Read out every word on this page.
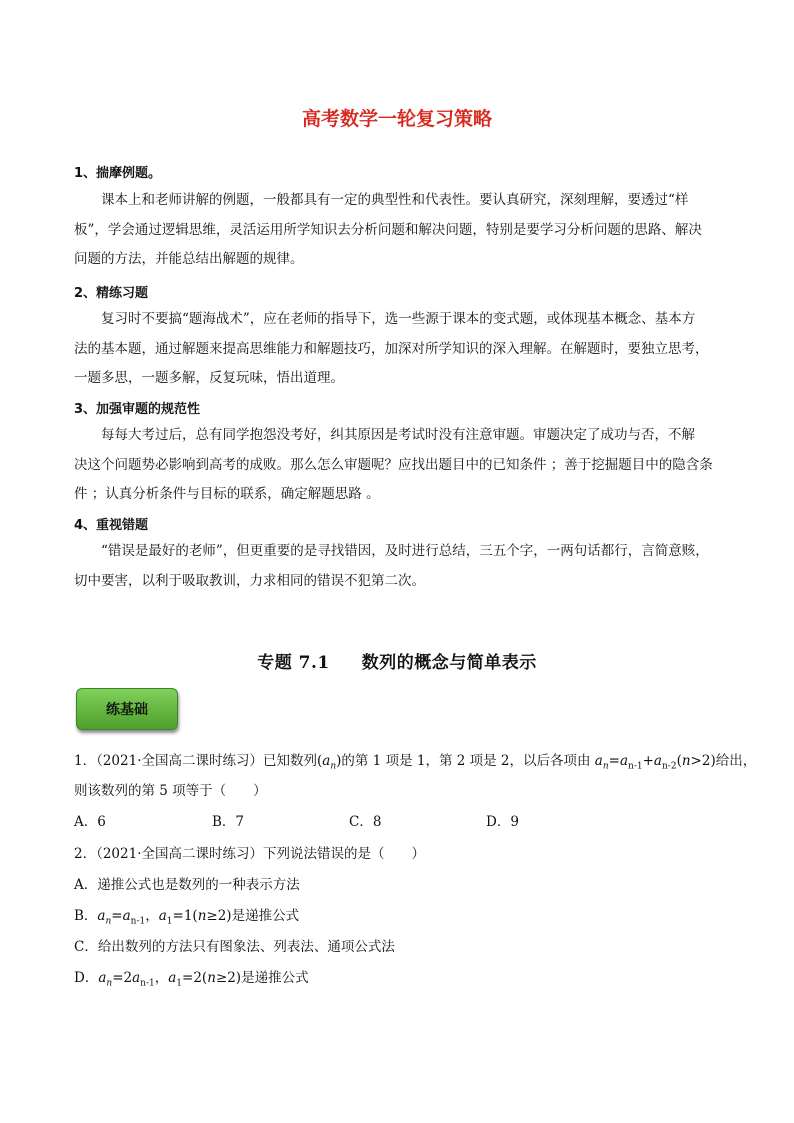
高考数学一轮复习策略
1、揣摩例题。
课本上和老师讲解的例题，一般都具有一定的典型性和代表性。要认真研究，深刻理解，要透过“样
板”，学会通过逻辑思维，灵活运用所学知识去分析问题和解决问题，特别是要学习分析问题的思路、解决
问题的方法，并能总结出解题的规律。
2、精练习题
复习时不要搞“题海战术”，应在老师的指导下，选一些源于课本的变式题，或体现基本概念、基本方
法的基本题，通过解题来提高思维能力和解题技巧，加深对所学知识的深入理解。在解题时，要独立思考，
一题多思，一题多解，反复玩味，悟出道理。
3、加强审题的规范性
每每大考过后，总有同学抱怨没考好，纠其原因是考试时没有注意审题。审题决定了成功与否，不解
决这个问题势必影响到高考的成败。那么怎么审题呢？应找出题目中的已知条件 ；善于挖掘题目中的隐含条
件 ；认真分析条件与目标的联系，确定解题思路 。
4、重视错题
“错误是最好的老师”，但更重要的是寻找错因，及时进行总结，三五个字，一两句话都行，言简意赅，
切中要害，以利于吸取教训，力求相同的错误不犯第二次。
专题 7.1 数列的概念与简单表示
练基础
1．（2021·全国高二课时练习）已知数列$(a_n)$的第 1 项是 1，第 2 项是 2，以后各项由 $a_n=a_{n-1}+a_{n-2}(n>2)$给出，
则该数列的第 5 项等于（　　）
A．6	B．7	C．8	D．9
2．（2021·全国高二课时练习）下列说法错误的是（　　）
A．递推公式也是数列的一种表示方法
B．$a_n=a_{n-1}$，$a_1=1(n\ge 2)$是递推公式
C．给出数列的方法只有图象法、列表法、通项公式法
D．$a_n=2a_{n-1}$，$a_1=2(n\ge 2)$是递推公式
